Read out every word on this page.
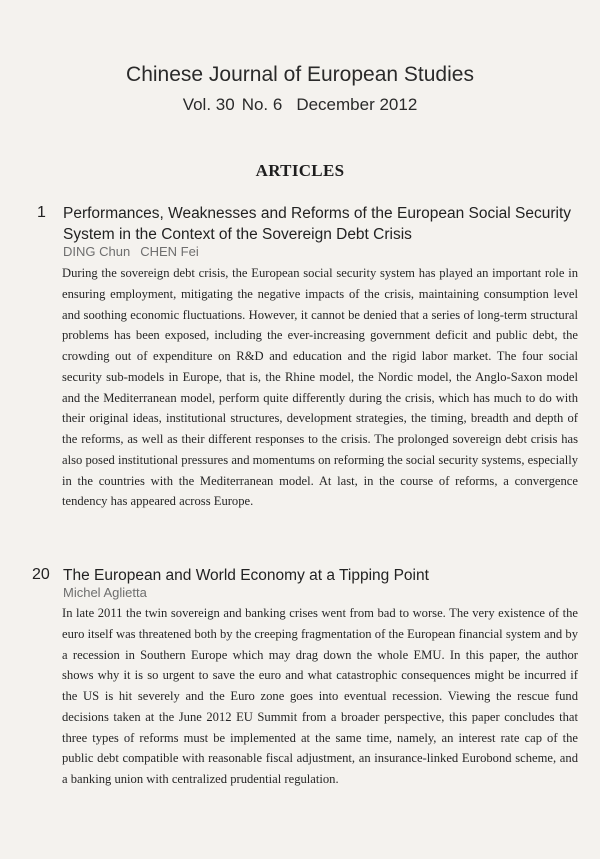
Chinese Journal of European Studies
Vol. 30 No. 6 December 2012
ARTICLES
1 Performances, Weaknesses and Reforms of the European Social Security System in the Context of the Sovereign Debt Crisis
DING Chun CHEN Fei

During the sovereign debt crisis, the European social security system has played an important role in ensuring employment, mitigating the negative impacts of the crisis, maintaining consumption level and soothing economic fluctuations. However, it cannot be denied that a series of long-term structural problems has been exposed, including the ever-increasing government deficit and public debt, the crowding out of expenditure on R&D and education and the rigid labor market. The four social security sub-models in Europe, that is, the Rhine model, the Nordic model, the Anglo-Saxon model and the Mediterranean model, perform quite differently during the crisis, which has much to do with their original ideas, institutional structures, development strategies, the timing, breadth and depth of the reforms, as well as their different responses to the crisis. The prolonged sovereign debt crisis has also posed institutional pressures and momentums on reforming the social security systems, especially in the countries with the Mediterranean model. At last, in the course of reforms, a convergence tendency has appeared across Europe.

20 The European and World Economy at a Tipping Point
Michel Aglietta

In late 2011 the twin sovereign and banking crises went from bad to worse. The very existence of the euro itself was threatened both by the creeping fragmentation of the European financial system and by a recession in Southern Europe which may drag down the whole EMU. In this paper, the author shows why it is so urgent to save the euro and what catastrophic consequences might be incurred if the US is hit severely and the Euro zone goes into eventual recession. Viewing the rescue fund decisions taken at the June 2012 EU Summit from a broader perspective, this paper concludes that three types of reforms must be implemented at the same time, namely, an interest rate cap of the public debt compatible with reasonable fiscal adjustment, an insurance-linked Eurobond scheme, and a banking union with centralized prudential regulation.
